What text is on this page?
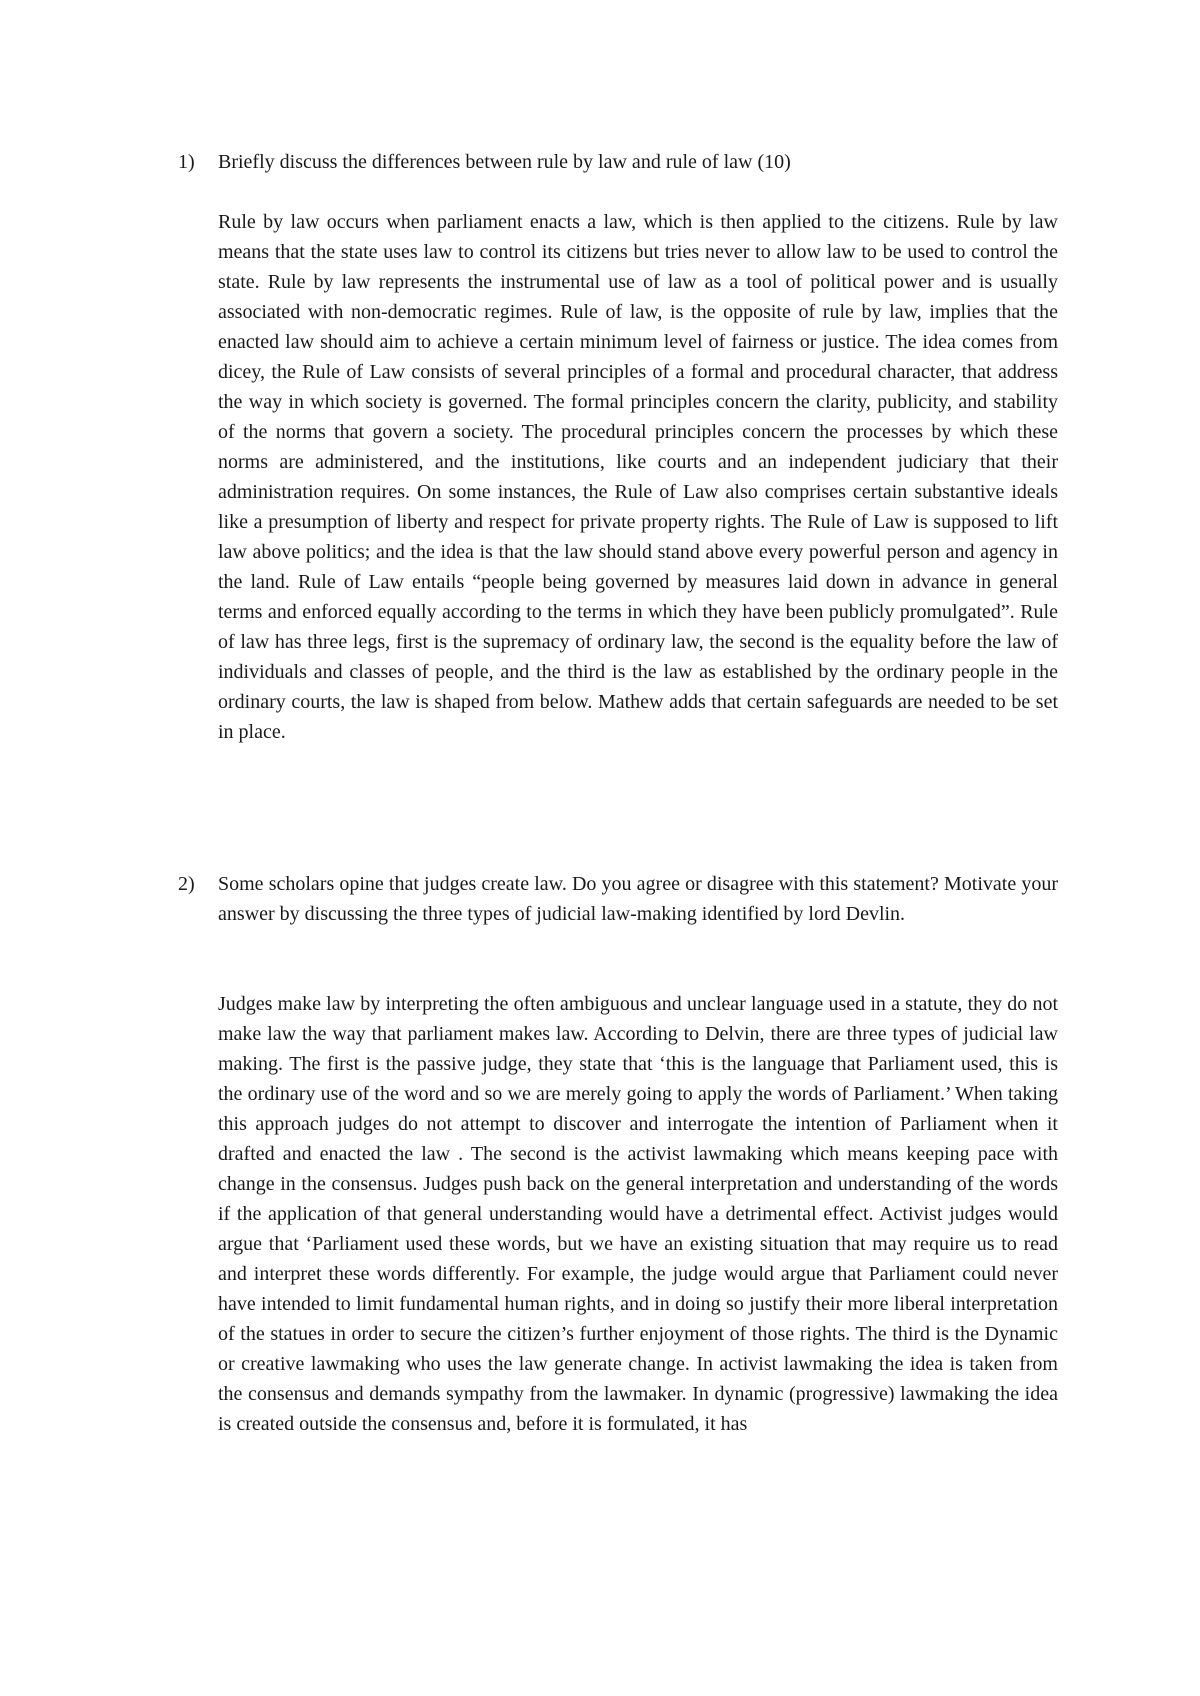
1) Briefly discuss the differences between rule by law and rule of law (10)
Rule by law occurs when parliament enacts a law, which is then applied to the citizens. Rule by law means that the state uses law to control its citizens but tries never to allow law to be used to control the state. Rule by law represents the instrumental use of law as a tool of political power and is usually associated with non-democratic regimes. Rule of law, is the opposite of rule by law, implies that the enacted law should aim to achieve a certain minimum level of fairness or justice. The idea comes from dicey, the Rule of Law consists of several principles of a formal and procedural character, that address the way in which society is governed. The formal principles concern the clarity, publicity, and stability of the norms that govern a society. The procedural principles concern the processes by which these norms are administered, and the institutions, like courts and an independent judiciary that their administration requires. On some instances, the Rule of Law also comprises certain substantive ideals like a presumption of liberty and respect for private property rights. The Rule of Law is supposed to lift law above politics; and the idea is that the law should stand above every powerful person and agency in the land. Rule of Law entails “people being governed by measures laid down in advance in general terms and enforced equally according to the terms in which they have been publicly promulgated”. Rule of law has three legs, first is the supremacy of ordinary law, the second is the equality before the law of individuals and classes of people, and the third is the law as established by the ordinary people in the ordinary courts, the law is shaped from below. Mathew adds that certain safeguards are needed to be set in place.
2) Some scholars opine that judges create law. Do you agree or disagree with this statement? Motivate your answer by discussing the three types of judicial law-making identified by lord Devlin.
Judges make law by interpreting the often ambiguous and unclear language used in a statute, they do not make law the way that parliament makes law. According to Delvin, there are three types of judicial law making. The first is the passive judge, they state that ‘this is the language that Parliament used, this is the ordinary use of the word and so we are merely going to apply the words of Parliament.’ When taking this approach judges do not attempt to discover and interrogate the intention of Parliament when it drafted and enacted the law . The second is the activist lawmaking which means keeping pace with change in the consensus. Judges push back on the general interpretation and understanding of the words if the application of that general understanding would have a detrimental effect. Activist judges would argue that ‘Parliament used these words, but we have an existing situation that may require us to read and interpret these words differently. For example, the judge would argue that Parliament could never have intended to limit fundamental human rights, and in doing so justify their more liberal interpretation of the statues in order to secure the citizen’s further enjoyment of those rights. The third is the Dynamic or creative lawmaking who uses the law generate change. In activist lawmaking the idea is taken from the consensus and demands sympathy from the lawmaker. In dynamic (progressive) lawmaking the idea is created outside the consensus and, before it is formulated, it has
